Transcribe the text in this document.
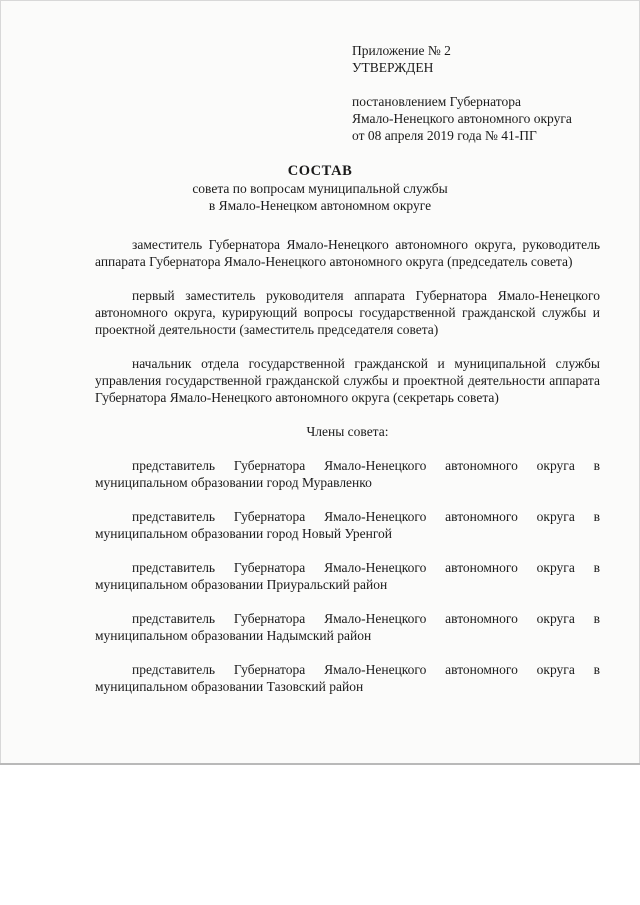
Приложение № 2
УТВЕРЖДЕН
постановлением Губернатора
Ямало-Ненецкого автономного округа
от 08 апреля 2019 года № 41-ПГ
СОСТАВ
совета по вопросам муниципальной службы
в Ямало-Ненецком автономном округе

заместитель Губернатора Ямало-Ненецкого автономного округа, руководитель аппарата Губернатора Ямало-Ненецкого автономного округа (председатель совета)

первый заместитель руководителя аппарата Губернатора Ямало-Ненецкого автономного округа, курирующий вопросы государственной гражданской службы и проектной деятельности (заместитель председателя совета)

начальник отдела государственной гражданской и муниципальной службы управления государственной гражданской службы и проектной деятельности аппарата Губернатора Ямало-Ненецкого автономного округа (секретарь совета)

Члены совета:

представитель Губернатора Ямало-Ненецкого автономного округа в муниципальном образовании город Муравленко

представитель Губернатора Ямало-Ненецкого автономного округа в муниципальном образовании город Новый Уренгой

представитель Губернатора Ямало-Ненецкого автономного округа в муниципальном образовании Приуральский район

представитель Губернатора Ямало-Ненецкого автономного округа в муниципальном образовании Надымский район

представитель Губернатора Ямало-Ненецкого автономного округа в муниципальном образовании Тазовский район
